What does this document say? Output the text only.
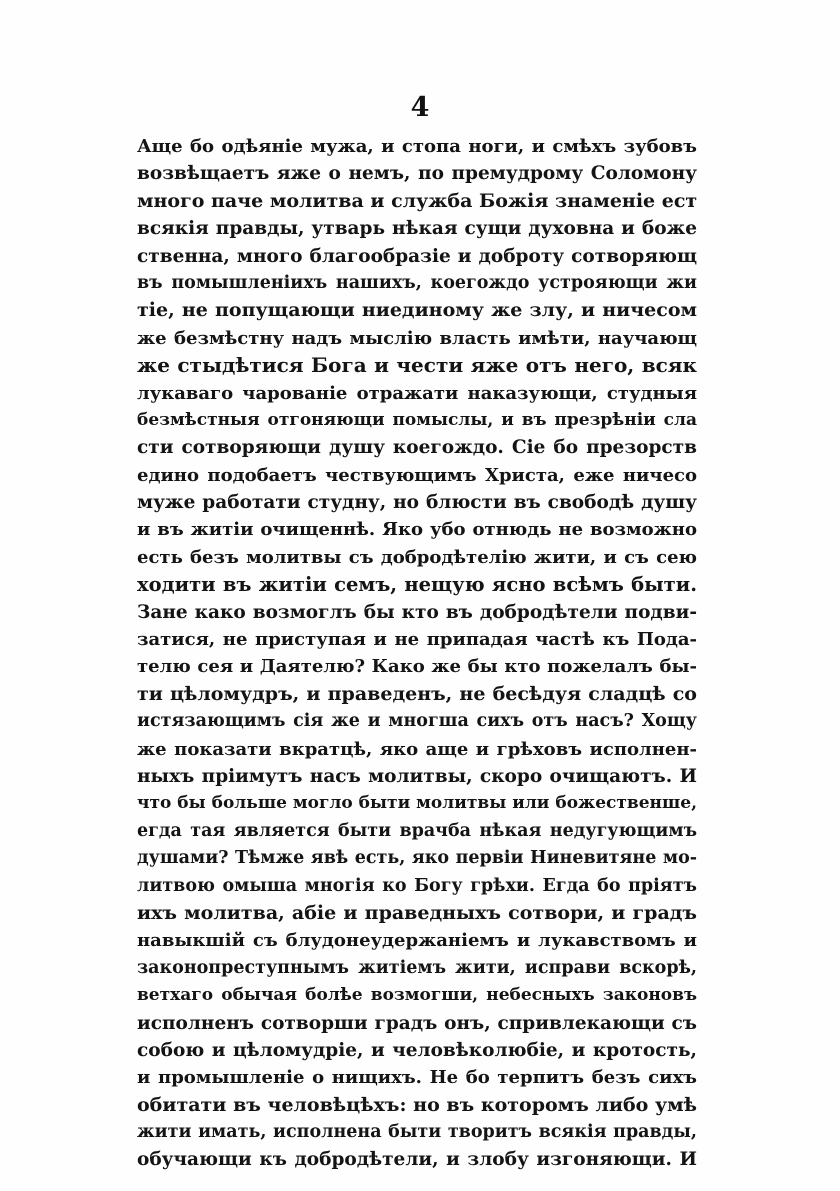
4
Аще бо одѣяніе мужа, и стопа ноги, и смѣхъ зубовъ
возвѣщаетъ яже о немъ, по премудрому Соломону
много паче молитва и служба Божія знаменіе ест
всякія правды, утварь нѣкая сущи духовна и боже
ственна, много благообразіе и доброту сотворяющ
въ помышленіихъ нашихъ, коегождо устрояющи жи
тіе, не попущающи ниединому же злу, и ничесом
же безмѣстну надъ мыслію власть имѣти, научающ
же стыдѣтися Бога и чести яже отъ него, всяк
лукаваго чарованіе отражати наказующи, студныя
безмѣстныя отгоняющи помыслы, и въ презрѣніи сла
сти сотворяющи душу коегождо. Сіе бо презорств
едино подобаетъ чествующимъ Христа, еже ничесо
муже работати студну, но блюсти въ свободѣ душу
и въ житіи очищеннѣ. Яко убо отнюдь не возможно
есть безъ молитвы съ добродѣтелію жити, и съ сею
ходити въ житіи семъ, нещую ясно всѣмъ быти.
Зане како возмоглъ бы кто въ добродѣтели подви-
затися, не приступая и не припадая частѣ къ Пода-
телю сея и Даятелю? Како же бы кто пожелалъ бы-
ти цѣломудръ, и праведенъ, не бесѣдуя сладцѣ со
истязающимъ сія же и многша сихъ отъ насъ? Хощу
же показати вкратцѣ, яко аще и грѣховъ исполнен-
ныхъ пріимутъ насъ молитвы, скоро очищаютъ. И
что бы больше могло быти молитвы или божественше,
егда тая является быти врачба нѣкая недугующимъ
душами? Тѣмже явѣ есть, яко первіи Ниневитяне мо-
литвою омыша многія ко Богу грѣхи. Егда бо пріятъ
ихъ молитва, абіе и праведныхъ сотвори, и градъ
навыкшій съ блудонеудержаніемъ и лукавствомъ и
законопреступнымъ житіемъ жити, исправи вскорѣ,
ветхаго обычая болѣе возмогши, небесныхъ законовъ
исполненъ сотворши градъ онъ, спривлекающи съ
собою и цѣломудріе, и человѣколюбіе, и кротость,
и промышленіе о нищихъ. Не бо терпитъ безъ сихъ
обитати въ человѣцѣхъ: но въ которомъ либо умѣ
жити имать, исполнена быти творитъ всякія правды,
обучающи къ добродѣтели, и злобу изгоняющи. И
